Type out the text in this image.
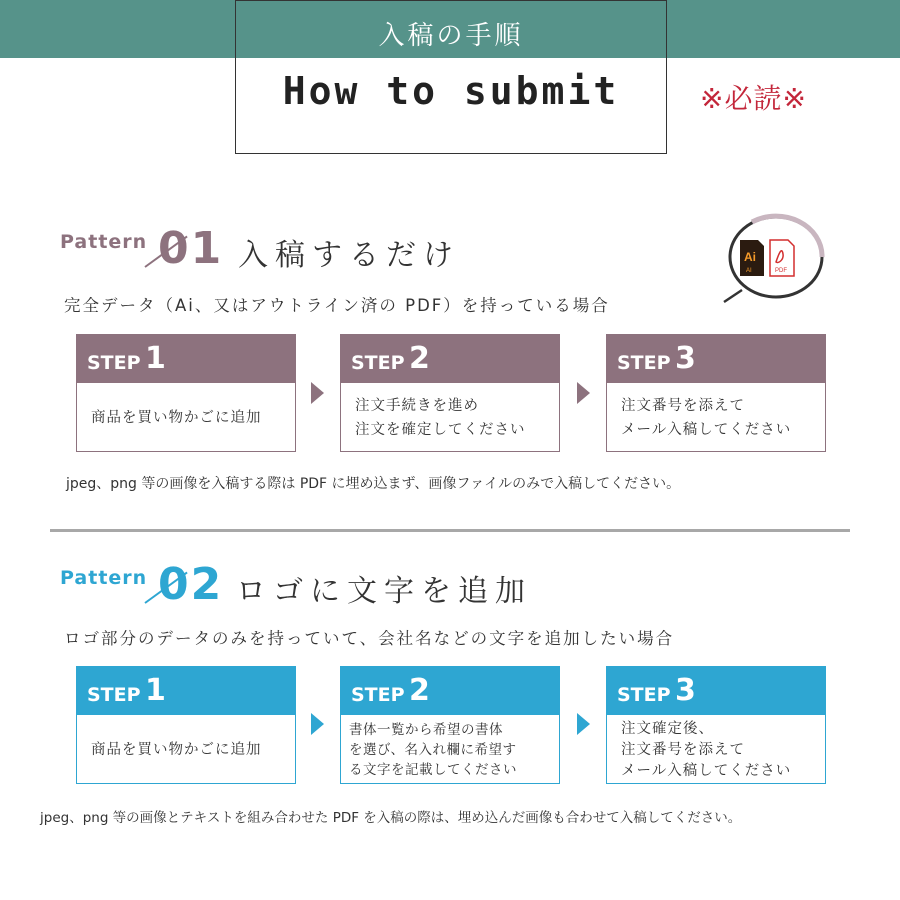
入稿の手順
How to submit	※必読※
Pattern 01 入稿するだけ
完全データ（Ai、又はアウトライン済の PDF）を持っている場合
Ai
AI	PDF
STEP 1
商品を買い物かごに追加
STEP 2
注文手続きを進め
注文を確定してください
STEP 3
注文番号を添えて
メール入稿してください
jpeg、png 等の画像を入稿する際は PDF に埋め込まず、画像ファイルのみで入稿してください。
Pattern 02 ロゴに文字を追加
ロゴ部分のデータのみを持っていて、会社名などの文字を追加したい場合
STEP 1
商品を買い物かごに追加
STEP 2
書体一覧から希望の書体
を選び、名入れ欄に希望す
る文字を記載してください
STEP 3
注文確定後、
注文番号を添えて
メール入稿してください
jpeg、png 等の画像とテキストを組み合わせた PDF を入稿の際は、埋め込んだ画像も合わせて入稿してください。
